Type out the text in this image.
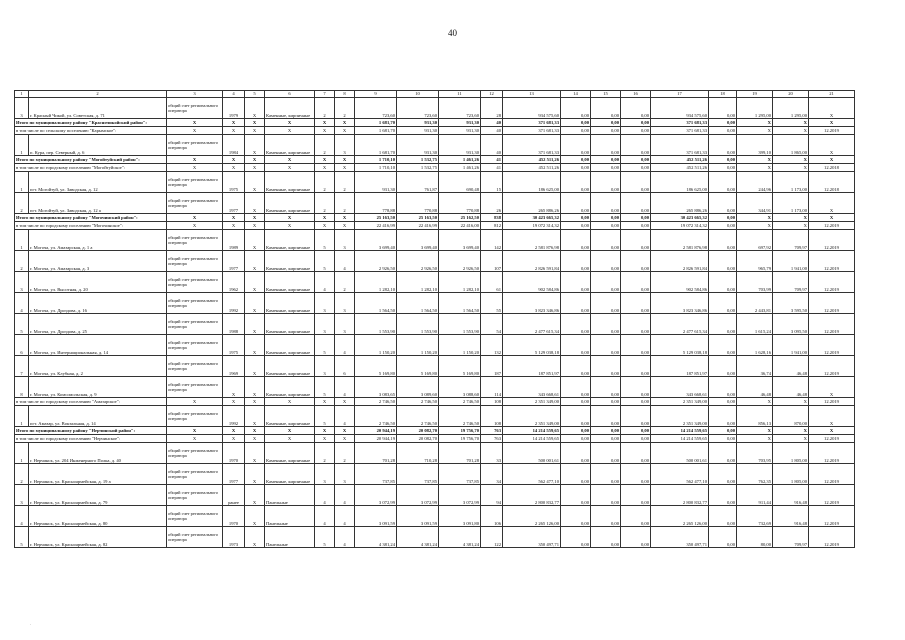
40
1	2	3	4	5	6	7	8	9	10	11	12	13	14	15	16	17	18	19	20	21
3	г. Красный Чикой, ул. Советская, д. 71	общий счет регионального оператора	1979	Х	Каменные, кирпичные	2	2	723,60	723,60	723,60	28	934 575,60	0,00	0,00	0,00	934 575,60	0,00	1 295,00	1 295,00	Х
Итого по муниципальному району "Красночикойский район":		Х	Х	Х	Х	Х	Х	1 681,70	931,30	931,30	40	371 681,33	0,00	0,00	0,00	371 681,33	0,00	Х	Х	Х
в том числе по сельскому поселению "Карымское":		Х	Х	Х	Х	Х	Х	1 681,70	931,30	931,30	40	371 681,33	0,00	0,00	0,00	371 681,33	0,00	Х	Х	12.2019
1	п. Кура, пер. Северный, д. 6	общий счет регионального оператора	1984	Х	Каменные, кирпичные	2	3	1 681,70	931,30	931,30	40	371 681,33	0,00	0,00	0,00	371 681,33	0,00	399,10	1 865,00	Х
Итого по муниципальному району "Могойтуйский район":		Х	Х	Х	Х	Х	Х	1 710,10	1 532,75	1 461,26	41	452 511,26	0,00	0,00	0,00	452 511,26	0,00	Х	Х	Х
в том числе по городскому поселению "Могойтуйское":		Х	Х	Х	Х	Х	Х	1 710,10	1 532,75	1 461,26	41	452 511,26	0,00	0,00	0,00	452 511,26	0,00	Х	Х	12.2018
1	пгт. Могойтуй, ул. Заводская, д. 12	общий счет регионального оператора	1975	Х	Каменные, кирпичные	2	2	931,30	761,87	690,48	15	186 625,00	0,00	0,00	0,00	186 625,00	0,00	244,96	1 173,00	12.2018
2	пгт. Могойтуй, ул. Заводская, д. 12 а	общий счет регионального оператора	1977	Х	Каменные, кирпичные	2	2	778,88	770,88	770,88	26	265 886,26	0,00	0,00	0,00	265 886,26	0,00	344,91	1 173,00	Х
Итого по муниципальному району "Могочинский район":		Х	Х	Х	Х	Х	Х	25 163,50	25 163,50	25 162,50	838	30 423 665,32	0,00	0,00	0,00	30 423 665,32	0,00	Х	Х	Х
в том числе по городскому поселению "Могочинское":		Х	Х	Х	Х	Х	Х	22 416,99	22 416,99	22 416,00	812	19 072 314,32	0,00	0,00	0,00	19 072 314,32	0,00	Х	Х	12.2019
1	г. Могоча, ул. Амазарская, д. 1 а	общий счет регионального оператора	1989	Х	Каменные, кирпичные	5	3	3 699,40	3 699,40	3 699,40	142	2 581 876,98	0,00	0,00	0,00	2 581 876,98	0,00	697,92	709,97	12.2019
2	г. Могоча, ул. Амазарская, д. 3	общий счет регионального оператора	1977	Х	Каменные, кирпичные	5	4	2 926,50	2 926,50	2 926,50	107	2 826 591,84	0,00	0,00	0,00	2 826 591,84	0,00	965,79	1 941,00	12.2019
3	г. Могоча, ул. Высотная, д. 20	общий счет регионального оператора	1962	Х	Каменные, кирпичные	4	2	1 282,10	1 282,10	1 282,10	61	902 584,86	0,00	0,00	0,00	902 584,86	0,00	703,99	709,97	12.2019
4	г. Могоча, ул. Дроздова, д. 16	общий счет регионального оператора	1992	Х	Каменные, кирпичные	3	3	1 564,50	1 564,50	1 564,50	55	3 823 346,86	0,00	0,00	0,00	3 823 346,86	0,00	2 443,81	3 595,50	12.2019
5	г. Могоча, ул. Дроздова, д. 25	общий счет регионального оператора	1988	Х	Каменные, кирпичные	3	3	1 553,90	1 553,90	1 553,90	54	2 477 615,34	0,00	0,00	0,00	2 477 615,34	0,00	1 615,24	3 095,50	12.2019
6	г. Могоча, ул. Интернациональная, д. 14	общий счет регионального оператора	1975	Х	Каменные, кирпичные	5	4	1 150,20	1 150,20	1 150,20	132	5 129 038,18	0,00	0,00	0,00	5 129 038,18	0,00	1 628,16	1 941,00	12.2019
7	г. Могоча, ул. Клубная, д. 2	общий счет регионального оператора	1969	Х	Каменные, кирпичные	3	6	5 169,80	5 169,80	5 169,80	187	187 851,97	0,00	0,00	0,00	187 851,97	0,00	36,74	46,48	12.2019
8	г. Могоча, ул. Комсомольская, д. 9	общий счет регионального оператора	Х	Х	Каменные, кирпичные	5	4	3 083,65	3 089,60	3 088,60	114	343 668,61	0,00	0,00	0,00	343 668,61	0,00	46,48	46,48	Х
в том числе по городскому поселению "Амазарское":		Х	Х	Х	Х	Х	Х	2 746,50	2 746,50	2 746,50	108	2 351 349,00	0,00	0,00	0,00	2 351 349,00	0,00	Х	Х	12.2019
1	пгт. Амазар, ул. Вокзальная, д. 14	общий счет регионального оператора	1992	Х	Каменные, кирпичные	5	4	2 746,50	2 746,50	2 746,50	108	2 351 349,00	0,00	0,00	0,00	2 351 349,00	0,00	856,13	870,00	Х
Итого по муниципальному району "Нерчинский район":		Х	Х	Х	Х	Х	Х	20 944,19	20 082,70	19 756,70	763	14 214 559,65	0,00	0,00	0,00	14 214 559,65	0,00	Х	Х	Х
в том числе по городскому поселению "Нерчинское":		Х	Х	Х	Х	Х	Х	20 944,19	20 082,70	19 756,70	763	14 214 559,65	0,00	0,00	0,00	14 214 559,65	0,00	Х	Х	12.2019
1	г. Нерчинск, ул. 204 Инженерного Полка, д. 40	общий счет регионального оператора	1970	Х	Каменные, кирпичные	2	2	701,28	710,28	701,28	33	500 001,61	0,00	0,00	0,00	500 001,61	0,00	703,95	1 805,00	12.2019
2	г. Нерчинск, ул. Красноармейская, д. 19 а	общий счет регионального оператора	1977	Х	Каменные, кирпичные	3	3	737,85	737,85	737,85	34	562 477,10	0,00	0,00	0,00	562 477,10	0,00	762,35	1 805,00	12.2019
3	г. Нерчинск, ул. Красноармейская, д. 79	общий счет регионального оператора	ранее	Х	Панельные	4	4	3 072,99	3 072,99	3 072,99	94	2 800 832,77	0,00	0,00	0,00	2 800 832,77	0,00	911,44	916,48	12.2019
4	г. Нерчинск, ул. Красноармейская, д. 80	общий счет регионального оператора	1970	Х	Панельные	4	4	3 091,59	3 091,59	3 091,80	106	2 265 126,00	0,00	0,00	0,00	2 265 126,00	0,00	732,69	916,48	12.2019
5	г. Нерчинск, ул. Красноармейская, д. 82	общий счет регионального оператора	1973	Х	Панельные	5	4	4 381,24	4 381,24	4 381,24	122	350 497,71	0,00	0,00	0,00	350 497,71	0,00	80,00	709,97	12.2019
.
